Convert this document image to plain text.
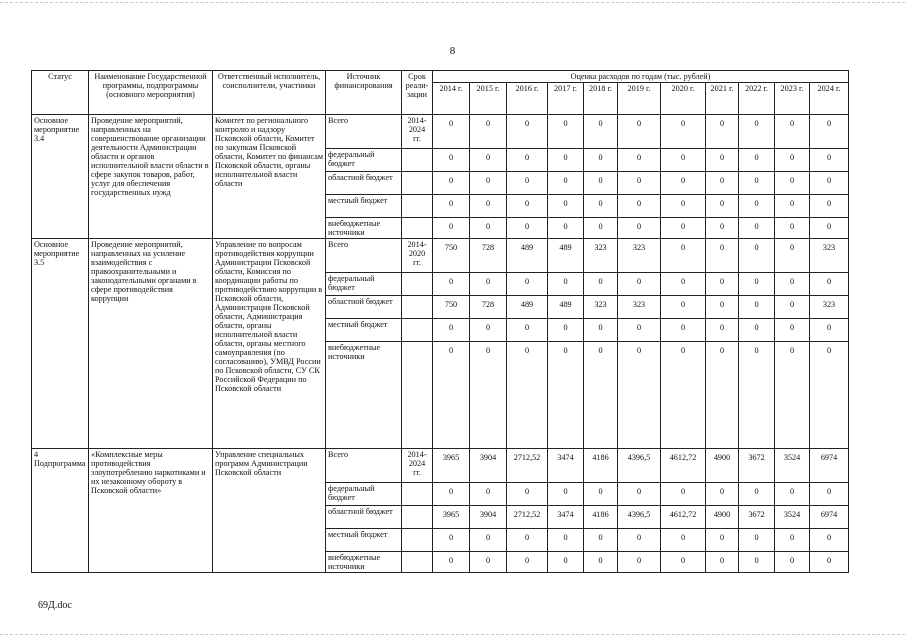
8
Статус	Наименование Государственной программы, подпрограммы (основного мероприятия)	Ответственный исполнитель, соисполнители, участники	Источник финансирования	Срок реали-зации	Оценка расходов по годам (тыс. рублей)										
					2014 г.	2015 г.	2016 г.	2017 г.	2018 г.	2019 г.	2020 г.	2021 г.	2022 г.	2023 г.	2024 г.
Основное мероприятие 3.4	Проведение мероприятий, направленных на совершенствование организации деятельности Администрации области и органов исполнительной власти области в сфере закупок товаров, работ, услуг для обеспечения государственных нужд	Комитет по регионального контролю и надзору Псковской области, Комитет по закупкам Псковской области, Комитет по финансам Псковской области, органы исполнительной власти области	Всего	2014-2024 гг.	0	0	0	0	0	0	0	0	0	0	0
			федеральный бюджет		0	0	0	0	0	0	0	0	0	0	0
			областной бюджет		0	0	0	0	0	0	0	0	0	0	0
			местный бюджет		0	0	0	0	0	0	0	0	0	0	0
			внебюджетные источники		0	0	0	0	0	0	0	0	0	0	0
Основное мероприятие 3.5	Проведение мероприятий, направленных на усиление взаимодействия с правоохранительными и законодательными органами в сфере противодействия коррупции	Управление по вопросам противодействия коррупции Администрации Псковской области, Комиссия по координации работы по противодействию коррупции в Псковской области, Администрация Псковской области, Администрация области, органы исполнительной власти области, органы местного самоуправления (по согласованию), УМВД России по Псковской области, СУ СК Российской Федерации по Псковской области	Всего	2014-2020 гг.	750	728	489	489	323	323	0	0	0	0	323
			федеральный бюджет		0	0	0	0	0	0	0	0	0	0	0
			областной бюджет		750	728	489	489	323	323	0	0	0	0	323
			местный бюджет		0	0	0	0	0	0	0	0	0	0	0
			внебюджетные источники		0	0	0	0	0	0	0	0	0	0	0
4 Подпрограмма	«Комплексные меры противодействия злоупотреблению наркотиками и их незаконному обороту в Псковской области»	Управление специальных программ Администрации Псковской области	Всего	2014-2024 гг.	3965	3904	2712,52	3474	4186	4396,5	4612,72	4900	3672	3524	6974
			федеральный бюджет		0	0	0	0	0	0	0	0	0	0	0
			областной бюджет		3965	3904	2712,52	3474	4186	4396,5	4612,72	4900	3672	3524	6974
			местный бюджет		0	0	0	0	0	0	0	0	0	0	0
			внебюджетные источники		0	0	0	0	0	0	0	0	0	0	0
69Д.doc
